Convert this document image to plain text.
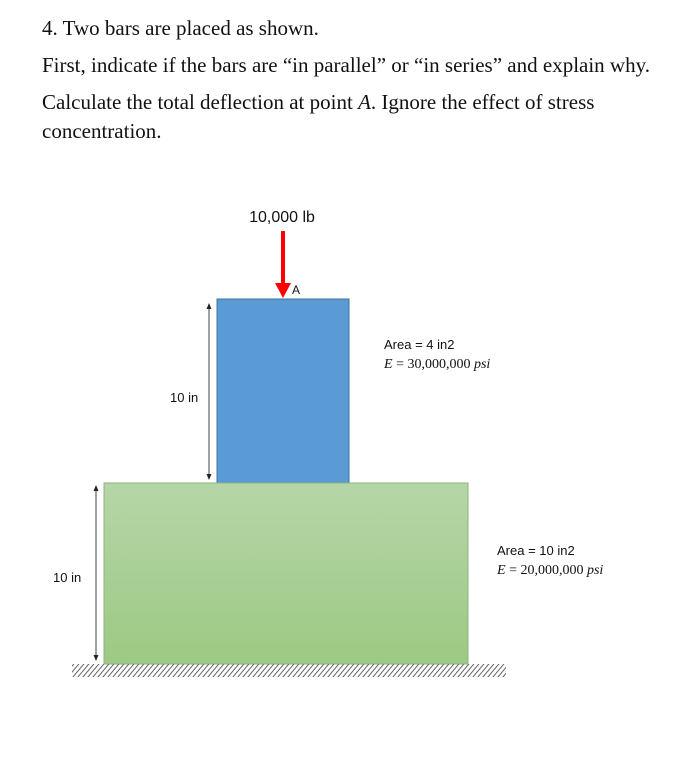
4. Two bars are placed as shown.

First, indicate if the bars are “in parallel” or “in series” and explain why.

Calculate the total deflection at point A. Ignore the effect of stress concentration.

10,000 lb
A
10 in
10 in
Area = 4 in2
E = 30,000,000 psi
Area = 10 in2
E = 20,000,000 psi
